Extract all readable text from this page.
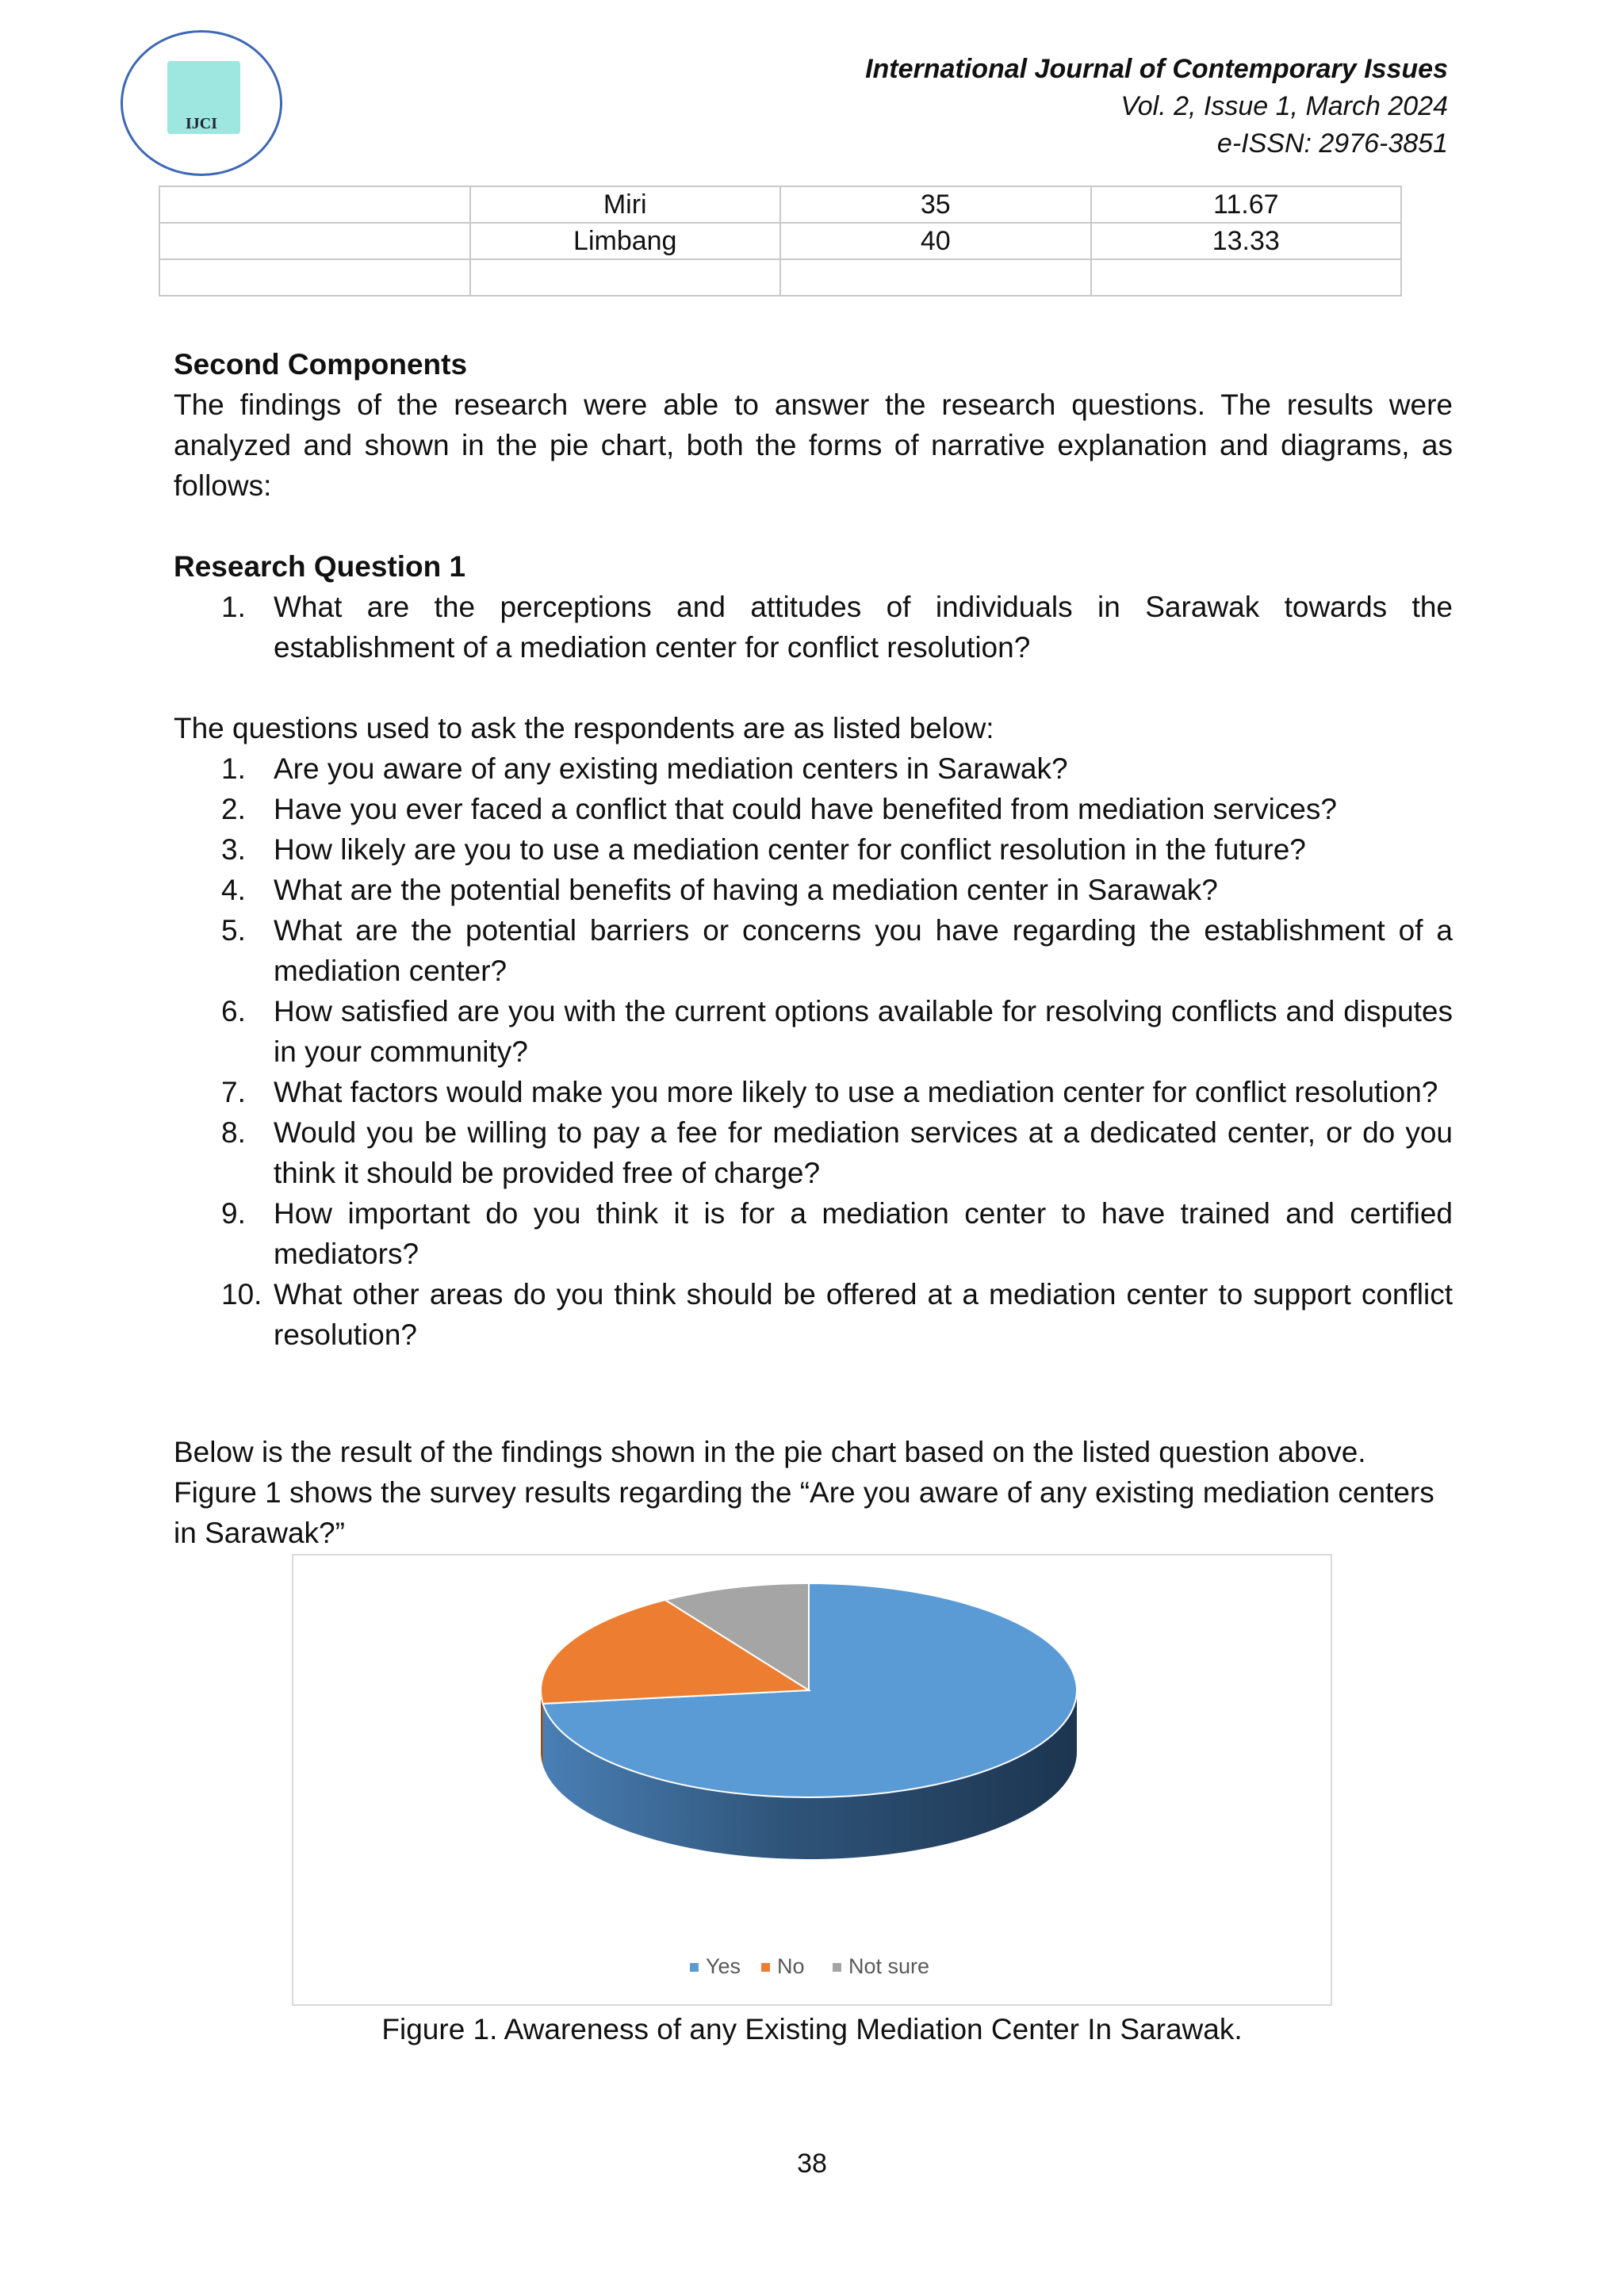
IJCI
International Journal of Contemporary Issues
Vol. 2, Issue 1, March 2024
e-ISSN: 2976-3851
	Miri	35	11.67
	Limbang	40	13.33

Second Components
The findings of the research were able to answer the research questions. The results were analyzed and shown in the pie chart, both the forms of narrative explanation and diagrams, as follows:
Research Question 1
1. What are the perceptions and attitudes of individuals in Sarawak towards the establishment of a mediation center for conflict resolution?
The questions used to ask the respondents are as listed below:
1. Are you aware of any existing mediation centers in Sarawak?
2. Have you ever faced a conflict that could have benefited from mediation services?
3. How likely are you to use a mediation center for conflict resolution in the future?
4. What are the potential benefits of having a mediation center in Sarawak?
5. What are the potential barriers or concerns you have regarding the establishment of a mediation center?
6. How satisfied are you with the current options available for resolving conflicts and disputes in your community?
7. What factors would make you more likely to use a mediation center for conflict resolution?
8. Would you be willing to pay a fee for mediation services at a dedicated center, or do you think it should be provided free of charge?
9. How important do you think it is for a mediation center to have trained and certified mediators?
10. What other areas do you think should be offered at a mediation center to support conflict resolution?
Below is the result of the findings shown in the pie chart based on the listed question above. Figure 1 shows the survey results regarding the “Are you aware of any existing mediation centers in Sarawak?”
Yes No Not sure
Figure 1. Awareness of any Existing Mediation Center In Sarawak.
38
